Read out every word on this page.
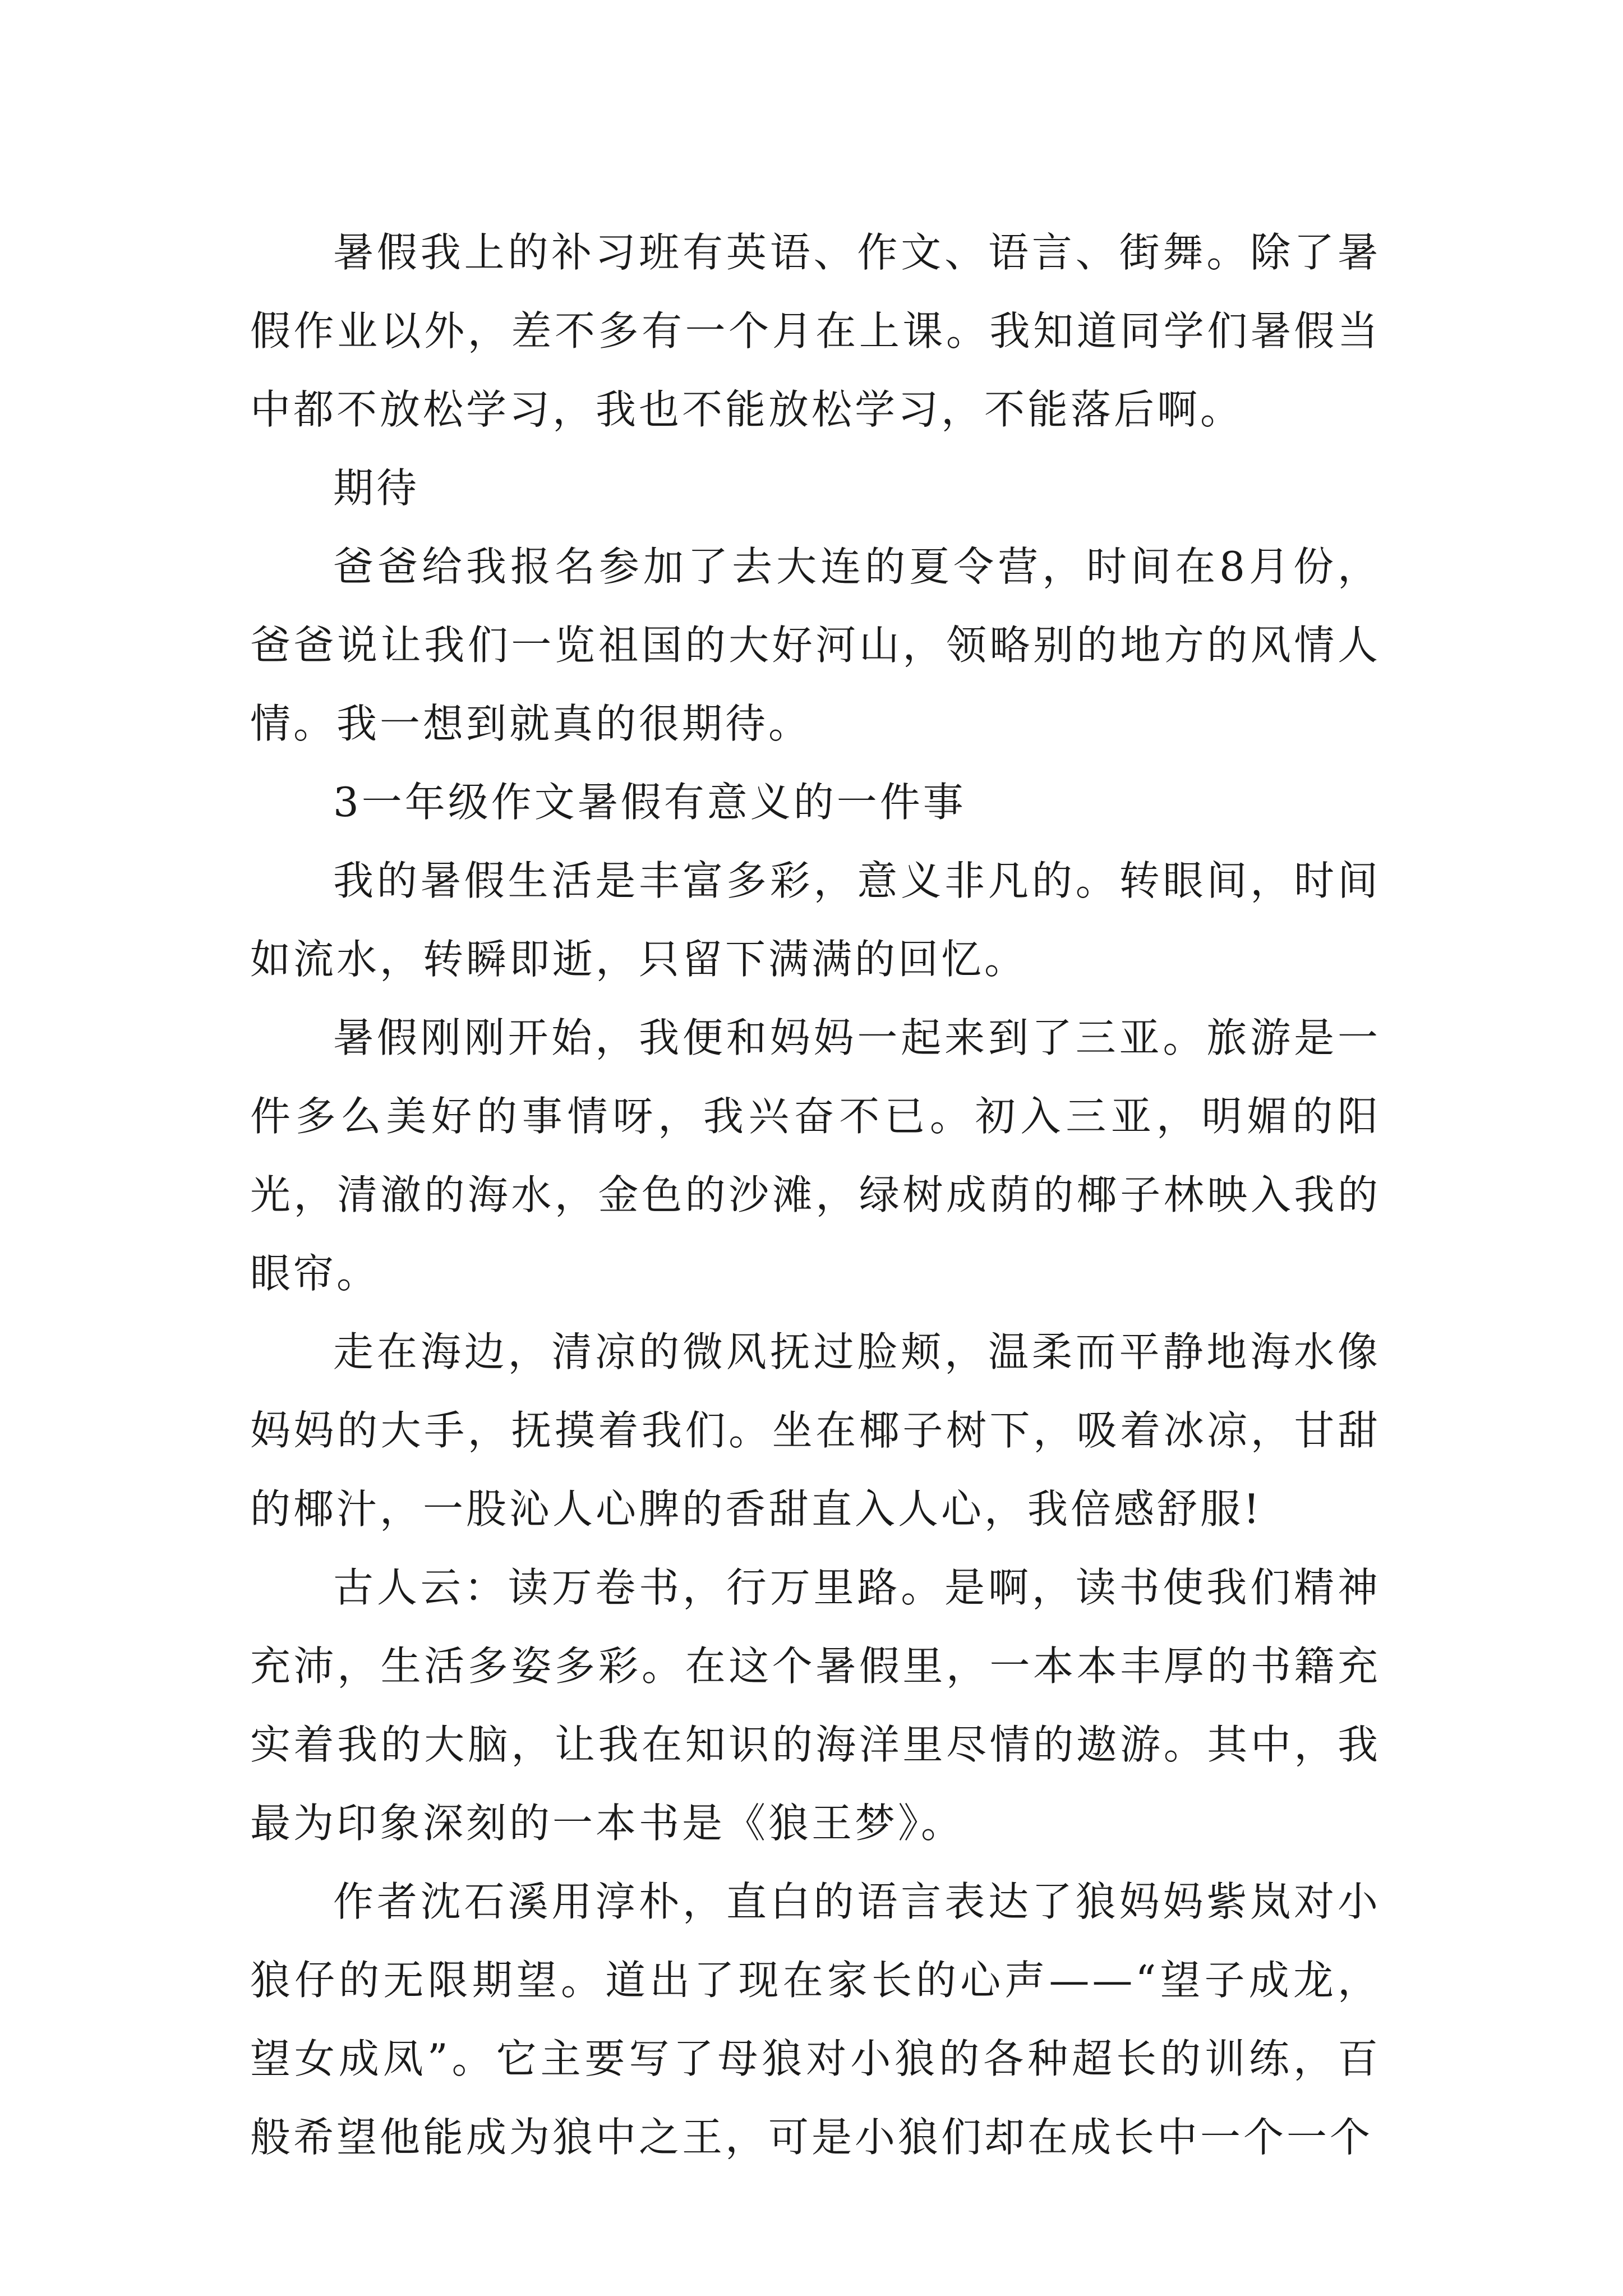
暑假我上的补习班有英语、作文、语言、街舞。除了暑假作业以外，差不多有一个月在上课。我知道同学们暑假当中都不放松学习，我也不能放松学习，不能落后啊。

期待

爸爸给我报名参加了去大连的夏令营，时间在8月份，爸爸说让我们一览祖国的大好河山，领略别的地方的风情人情。我一想到就真的很期待。

3一年级作文暑假有意义的一件事

我的暑假生活是丰富多彩，意义非凡的。转眼间，时间如流水，转瞬即逝，只留下满满的回忆。

暑假刚刚开始，我便和妈妈一起来到了三亚。旅游是一件多么美好的事情呀，我兴奋不已。初入三亚，明媚的阳光，清澈的海水，金色的沙滩，绿树成荫的椰子林映入我的眼帘。

走在海边，清凉的微风抚过脸颊，温柔而平静地海水像妈妈的大手，抚摸着我们。坐在椰子树下，吸着冰凉，甘甜的椰汁，一股沁人心脾的香甜直入人心，我倍感舒服!

古人云：读万卷书，行万里路。是啊，读书使我们精神充沛，生活多姿多彩。在这个暑假里，一本本丰厚的书籍充实着我的大脑，让我在知识的海洋里尽情的遨游。其中，我最为印象深刻的一本书是《狼王梦》。

作者沈石溪用淳朴，直白的语言表达了狼妈妈紫岚对小狼仔的无限期望。道出了现在家长的心声——“望子成龙，望女成凤”。它主要写了母狼对小狼的各种超长的训练，百般希望他能成为狼中之王，可是小狼们却在成长中一个一个
